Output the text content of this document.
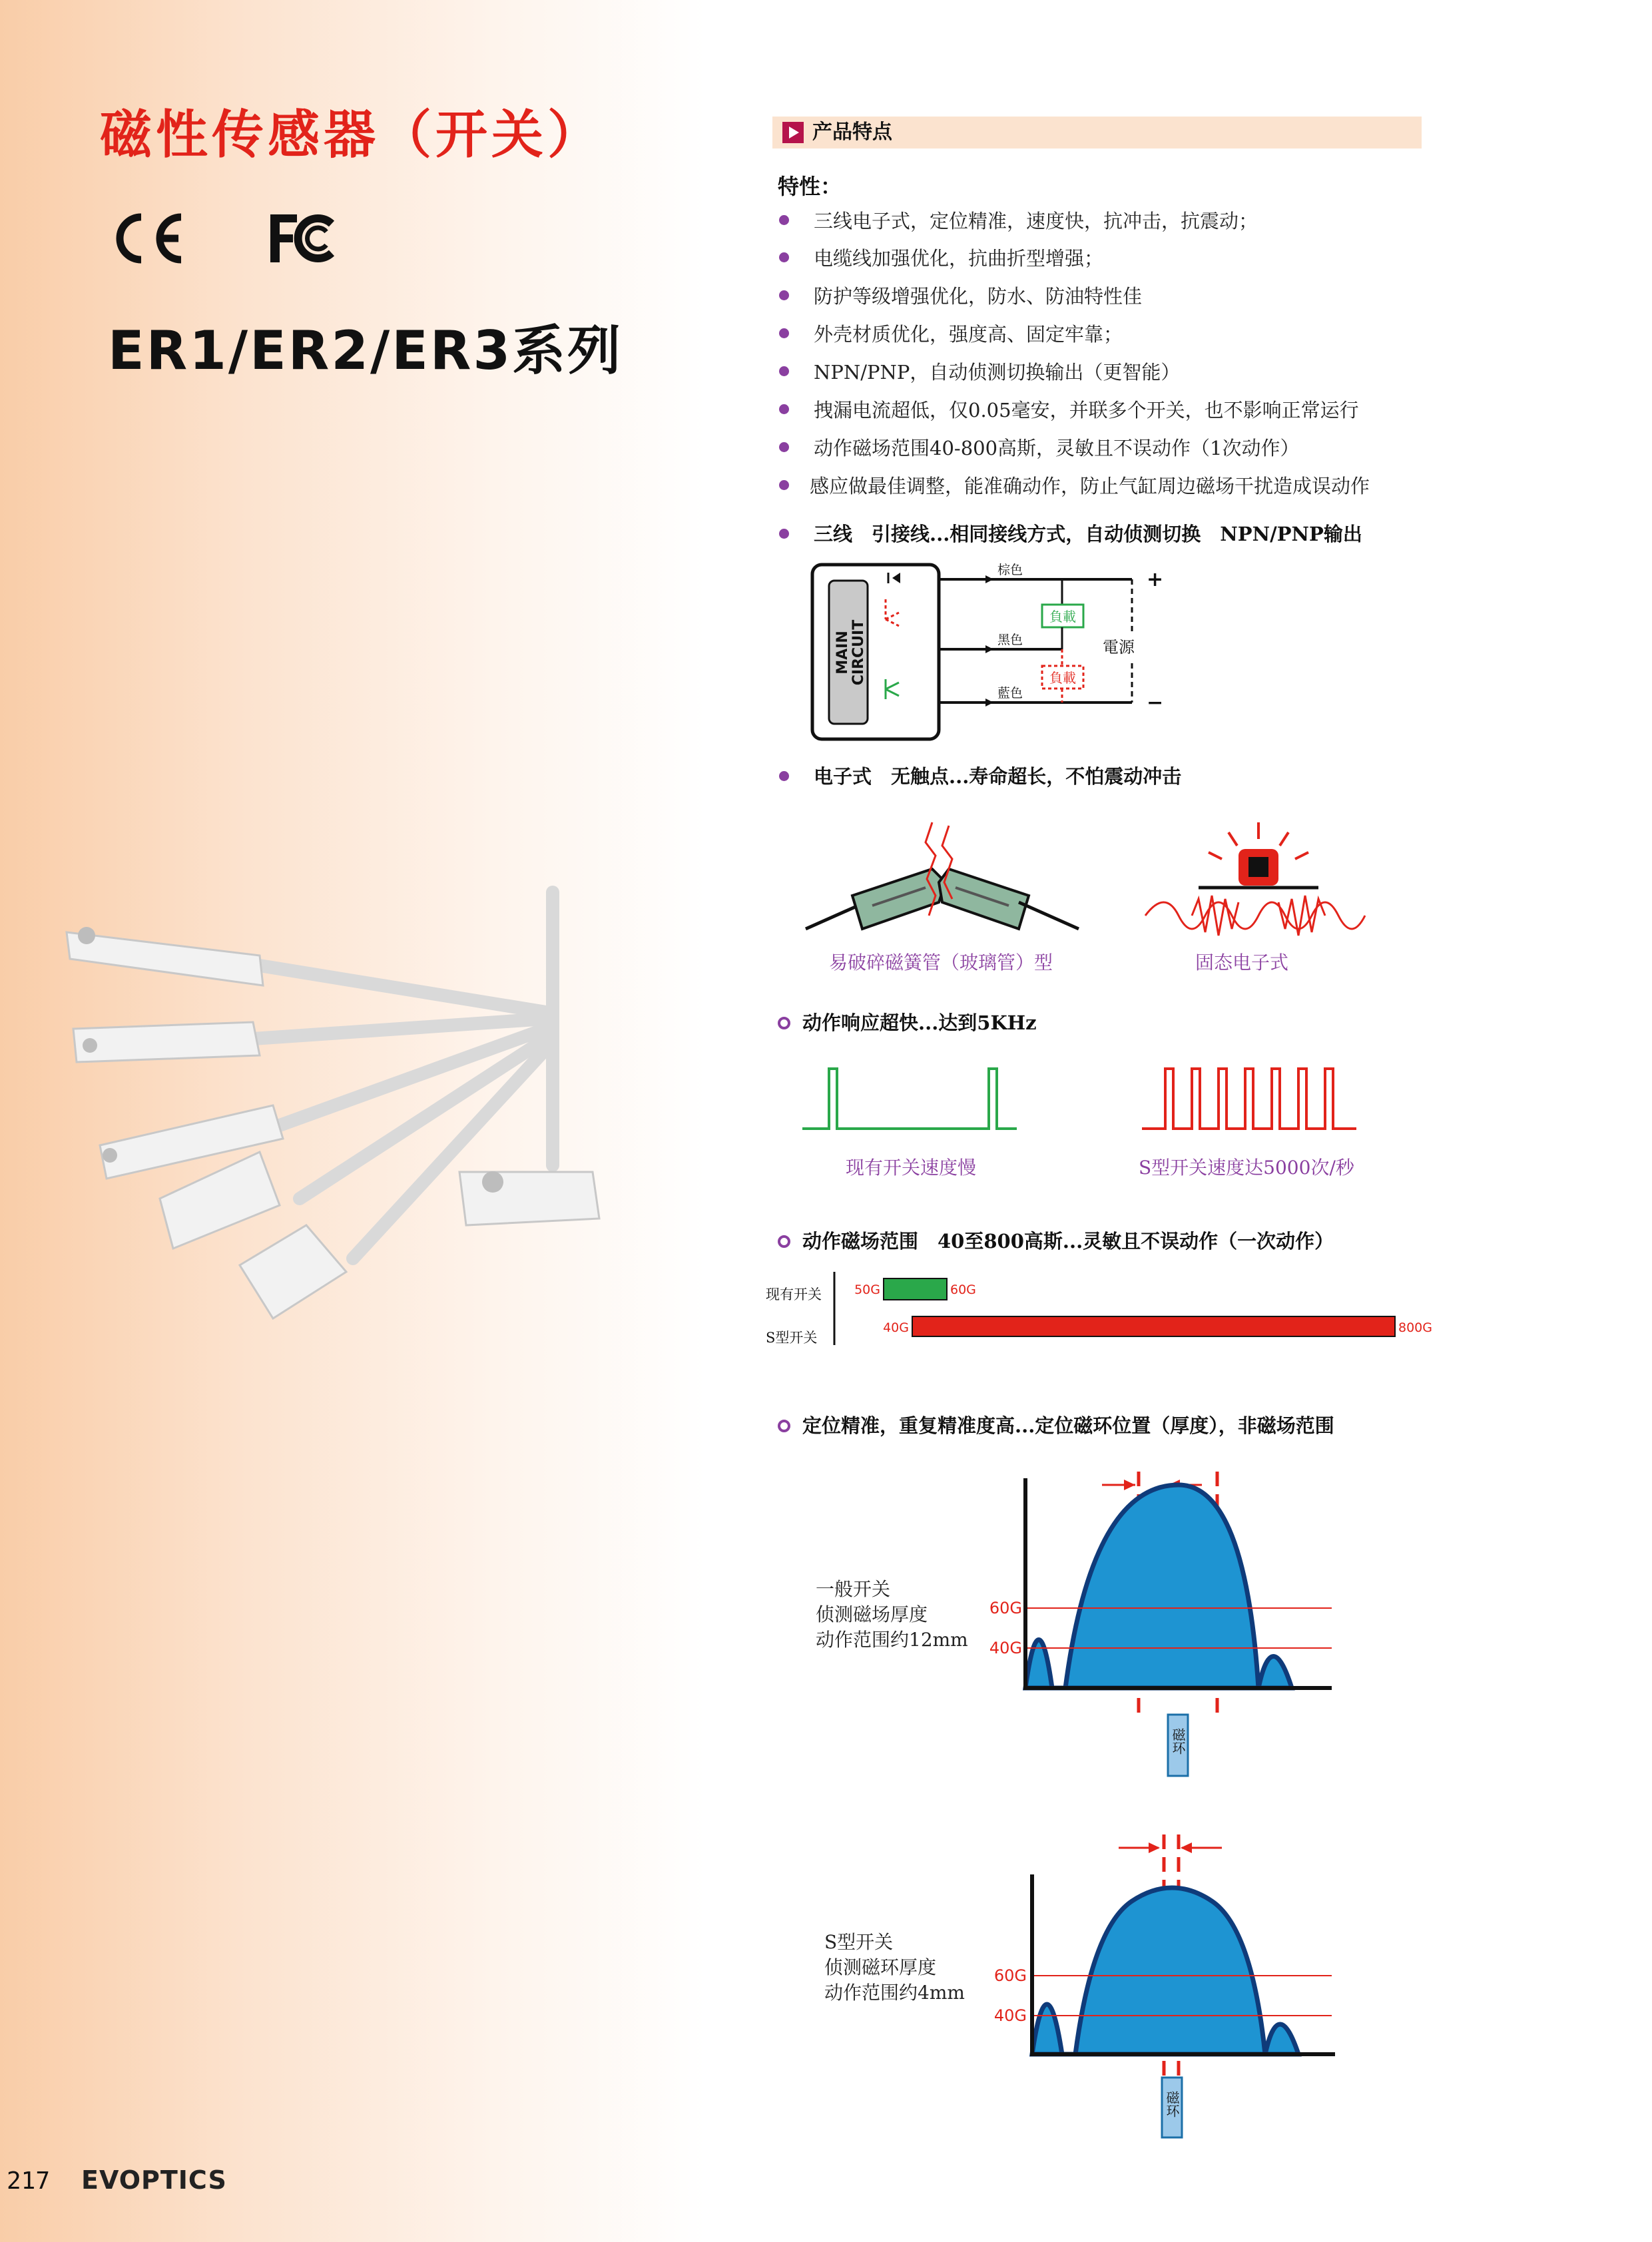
磁性传感器（开关）
ER1/ER2/ER3系列
产品特点
特性：
三线电子式，定位精准，速度快，抗冲击，抗震动；
电缆线加强优化，抗曲折型增强；
防护等级增强优化，防水、防油特性佳
外壳材质优化，强度高、固定牢靠；
NPN/PNP，自动侦测切换输出（更智能）
拽漏电流超低，仅0.05毫安，并联多个开关，也不影响正常运行
动作磁场范围40-800高斯，灵敏且不误动作（1次动作）
感应做最佳调整，能准确动作，防止气缸周边磁场干扰造成误动作
三线　引接线...相同接线方式，自动侦测切换　NPN/PNP输出
MAIN CIRCUIT
棕色
黑色
藍色
負載
負載
電源
+
−
电子式　无触点...寿命超长，不怕震动冲击
易破碎磁簧管（玻璃管）型	固态电子式
动作响应超快...达到5KHz
现有开关速度慢	S型开关速度达5000次/秒
动作磁场范围　40至800高斯...灵敏且不误动作（一次动作）
现有开关
S型开关
50G	60G
40G	800G
定位精准，重复精准度高...定位磁环位置（厚度），非磁场范围
一般开关
侦测磁场厚度
动作范围约12mm
60G
40G
磁环
S型开关
侦测磁环厚度
动作范围约4mm
60G
40G
磁环
217 EVOPTICS
